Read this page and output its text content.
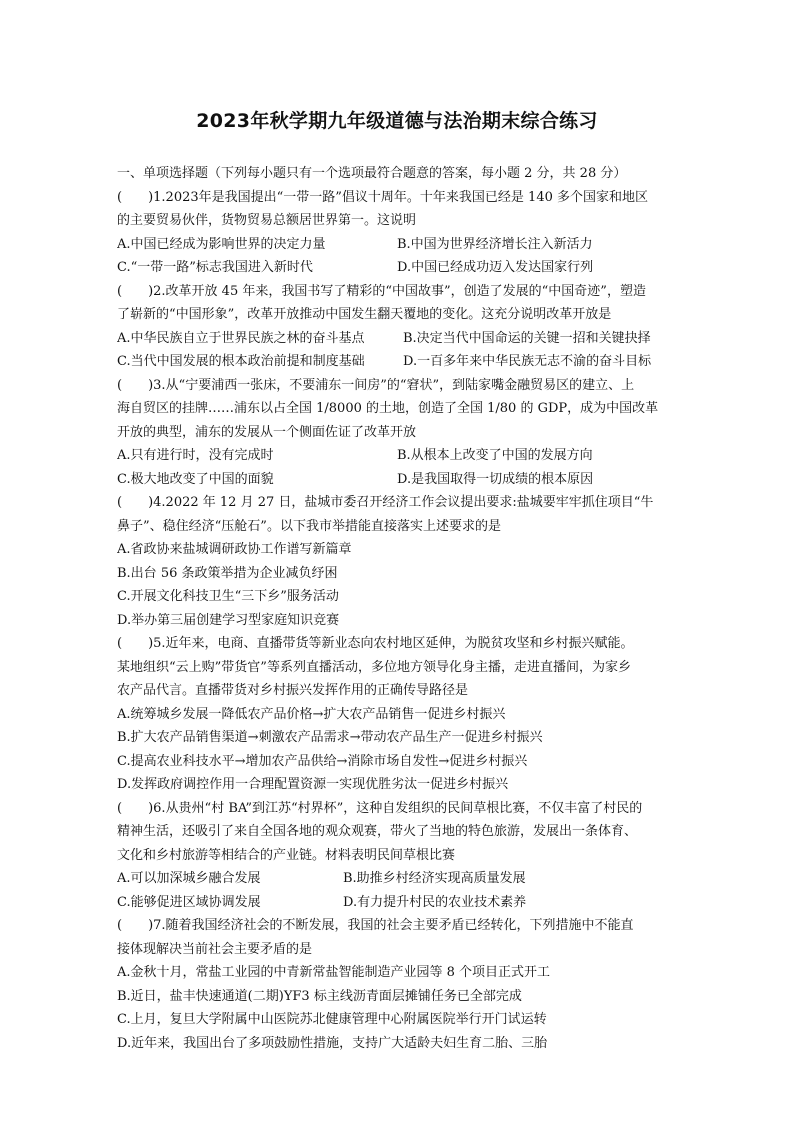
2023年秋学期九年级道德与法治期末综合练习
一、单项选择题（下列每小题只有一个选项最符合题意的答案，每小题 2 分，共 28 分）
(　　)1.2023年是我国提出“一带一路”倡议十周年。十年来我国已经是 140 多个国家和地区
的主要贸易伙伴，货物贸易总额居世界第一。这说明
A.中国已经成为影响世界的决定力量	B.中国为世界经济增长注入新活力
C.“一带一路”标志我国进入新时代	D.中国已经成功迈入发达国家行列
(　　)2.改革开放 45 年来，我国书写了精彩的“中国故事”，创造了发展的“中国奇迹”，塑造
了崭新的“中国形象”，改革开放推动中国发生翻天覆地的变化。这充分说明改革开放是
A.中华民族自立于世界民族之林的奋斗基点	B.决定当代中国命运的关键一招和关键抉择
C.当代中国发展的根本政治前提和制度基础	D.一百多年来中华民族无志不渝的奋斗目标
(　　)3.从“宁要浦西一张床，不要浦东一间房”的“窘状”，到陆家嘴金融贸易区的建立、上
海自贸区的挂牌……浦东以占全国 1/8000 的土地，创造了全国 1/80 的 GDP，成为中国改革
开放的典型，浦东的发展从一个侧面佐证了改革开放
A.只有进行时，没有完成时	B.从根本上改变了中国的发展方向
C.极大地改变了中国的面貌	D.是我国取得一切成绩的根本原因
(　　)4.2022 年 12 月 27 日，盐城市委召开经济工作会议提出要求:盐城要牢牢抓住项目“牛
鼻子”、稳住经济“压舱石”。以下我市举措能直接落实上述要求的是
A.省政协来盐城调研政协工作谱写新篇章
B.出台 56 条政策举措为企业减负纾困
C.开展文化科技卫生“三下乡”服务活动
D.举办第三届创建学习型家庭知识竞赛
(　　)5.近年来，电商、直播带货等新业态向农村地区延伸，为脱贫攻坚和乡村振兴赋能。
某地组织“云上购”带货官”等系列直播活动，多位地方领导化身主播，走进直播间，为家乡
农产品代言。直播带货对乡村振兴发挥作用的正确传导路径是
A.统筹城乡发展一降低农产品价格→扩大农产品销售一促进乡村振兴
B.扩大农产品销售渠道→刺激农产品需求→带动农产品生产一促进乡村振兴
C.提高农业科技水平→增加农产品供给→消除市场自发性→促进乡村振兴
D.发挥政府调控作用一合理配置资源一实现优胜劣汰一促进乡村振兴
(　　)6.从贵州“村 BA”到江苏“村界杯”，这种自发组织的民间草根比赛，不仅丰富了村民的
精神生活，还吸引了来自全国各地的观众观赛，带火了当地的特色旅游，发展出一条体育、
文化和乡村旅游等相结合的产业链。材料表明民间草根比赛
A.可以加深城乡融合发展	B.助推乡村经济实现高质量发展
C.能够促进区域协调发展	D.有力提升村民的农业技术素养
(　　)7.随着我国经济社会的不断发展，我国的社会主要矛盾已经转化，下列措施中不能直
接体现解决当前社会主要矛盾的是
A.金秋十月，常盐工业园的中青新常盐智能制造产业园等 8 个项目正式开工
B.近日，盐丰快速通道(二期)YF3 标主线沥青面层摊铺任务已全部完成
C.上月，复旦大学附属中山医院苏北健康管理中心附属医院举行开门试运转
D.近年来，我国出台了多项鼓励性措施，支持广大适龄夫妇生育二胎、三胎
